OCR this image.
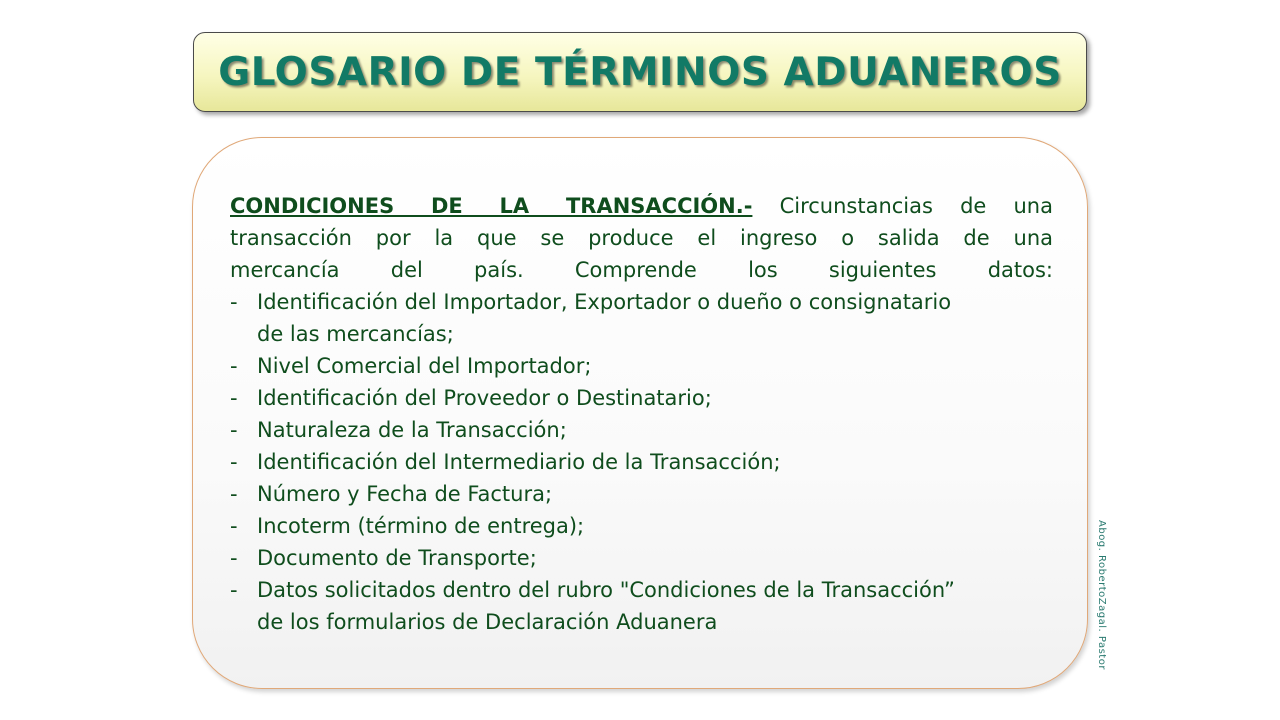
GLOSARIO DE TÉRMINOS ADUANEROS

CONDICIONES DE LA TRANSACCIÓN.- Circunstancias de una

transacción por la que se produce el ingreso o salida de una

mercancía del país. Comprende los siguientes datos:

- Identificación del Importador, Exportador o dueño o consignatario
de las mercancías;
- Nivel Comercial del Importador;
- Identificación del Proveedor o Destinatario;
- Naturaleza de la Transacción;
- Identificación del Intermediario de la Transacción;
- Número y Fecha de Factura;
- Incoterm (término de entrega);
- Documento de Transporte;
- Datos solicitados dentro del rubro "Condiciones de la Transacción”
de los formularios de Declaración Aduanera	Abog. RobertoZagal. Pastor
